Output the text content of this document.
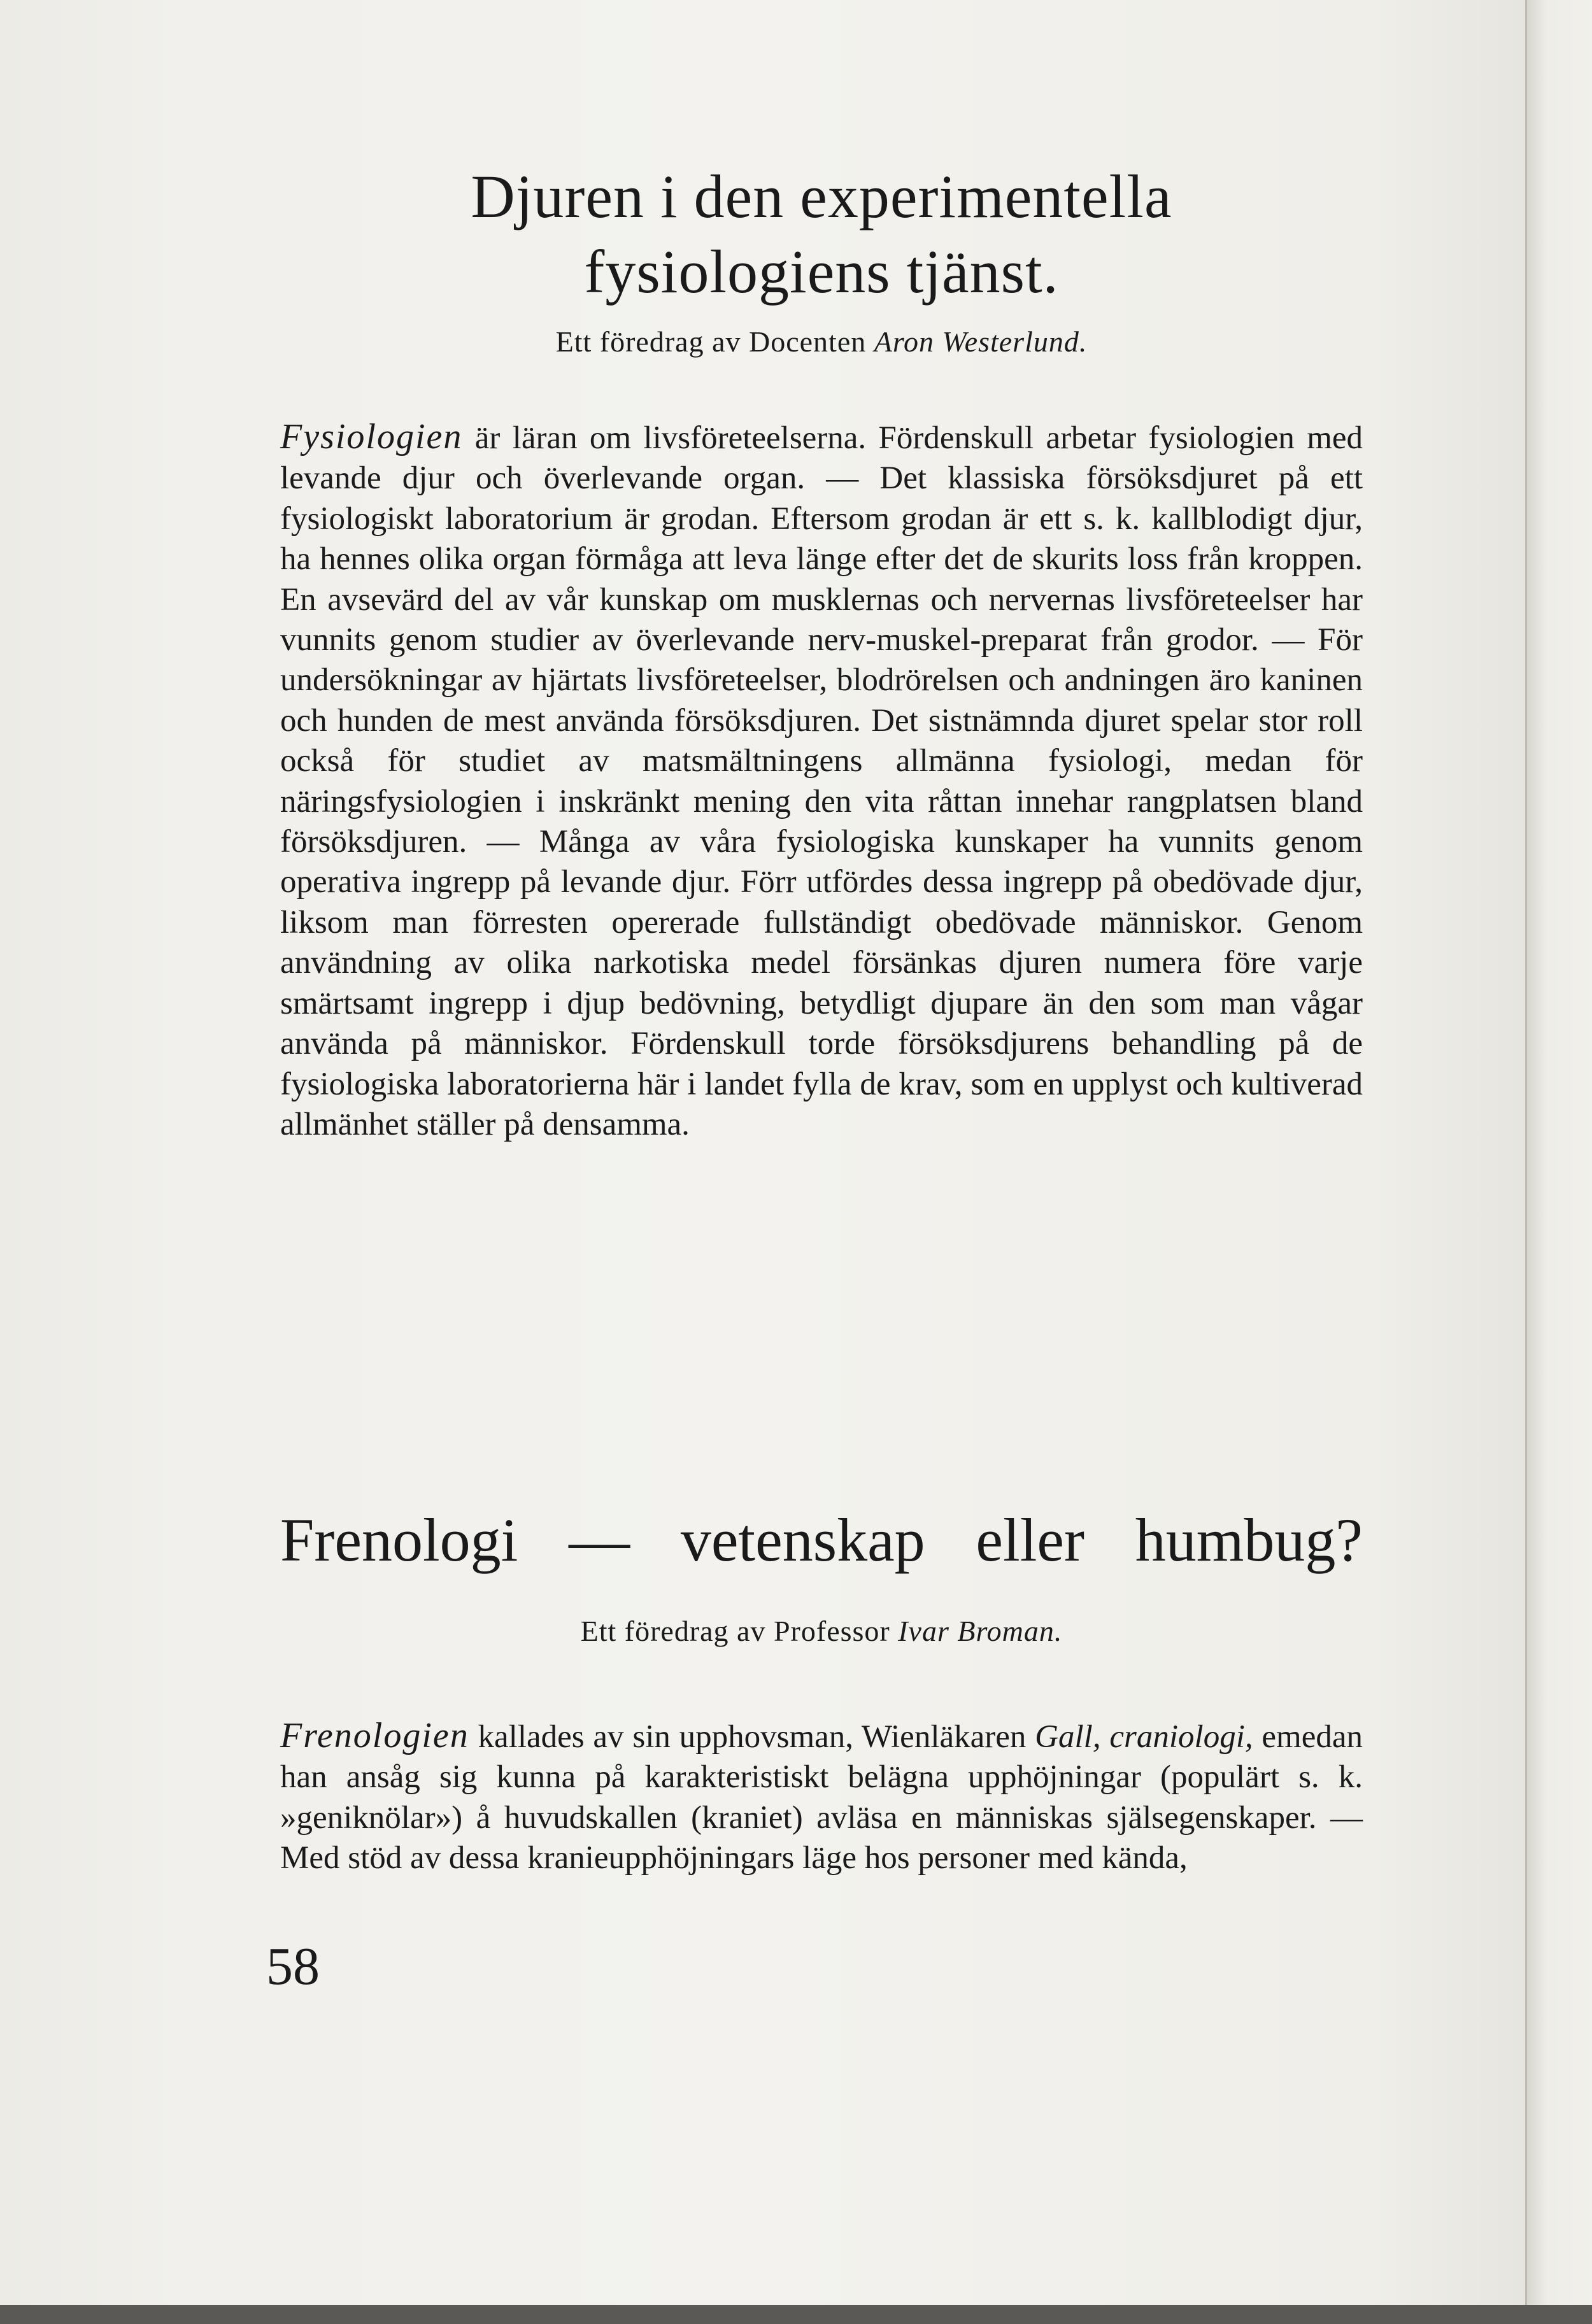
Djuren i den experimentella
fysiologiens tjänst.

Ett föredrag av Docenten Aron Westerlund.

Fysiologien är läran om livsföreteelserna. Fördenskull arbetar fysiologien med levande djur och överlevande organ. — Det klassiska försöksdjuret på ett fysiologiskt laboratorium är grodan. Eftersom grodan är ett s. k. kallblodigt djur, ha hennes olika organ förmåga att leva länge efter det de skurits loss från kroppen. En avsevärd del av vår kunskap om musklernas och nervernas livsföreteelser har vunnits genom studier av överlevande nerv-muskel-preparat från grodor. — För undersökningar av hjärtats livsföreteelser, blodrörelsen och andningen äro kaninen och hunden de mest använda försöksdjuren. Det sistnämnda djuret spelar stor roll också för studiet av matsmältningens allmänna fysiologi, medan för näringsfysiologien i inskränkt mening den vita råttan innehar rangplatsen bland försöksdjuren. — Många av våra fysiologiska kunskaper ha vunnits genom operativa ingrepp på levande djur. Förr utfördes dessa ingrepp på obedövade djur, liksom man förresten opererade fullständigt obedövade människor. Genom användning av olika narkotiska medel försänkas djuren numera före varje smärtsamt ingrepp i djup bedövning, betydligt djupare än den som man vågar använda på människor. Fördenskull torde försöksdjurens behandling på de fysiologiska laboratorierna här i landet fylla de krav, som en upplyst och kultiverad allmänhet ställer på densamma.

Frenologi — vetenskap eller humbug?

Ett föredrag av Professor Ivar Broman.

Frenologien kallades av sin upphovsman, Wienläkaren Gall, craniologi, emedan han ansåg sig kunna på karakteristiskt belägna upphöjningar (populärt s. k. »geniknölar») å huvudskallen (kraniet) avläsa en människas själsegenskaper. — Med stöd av dessa kranieupphöjningars läge hos personer med kända,

58
